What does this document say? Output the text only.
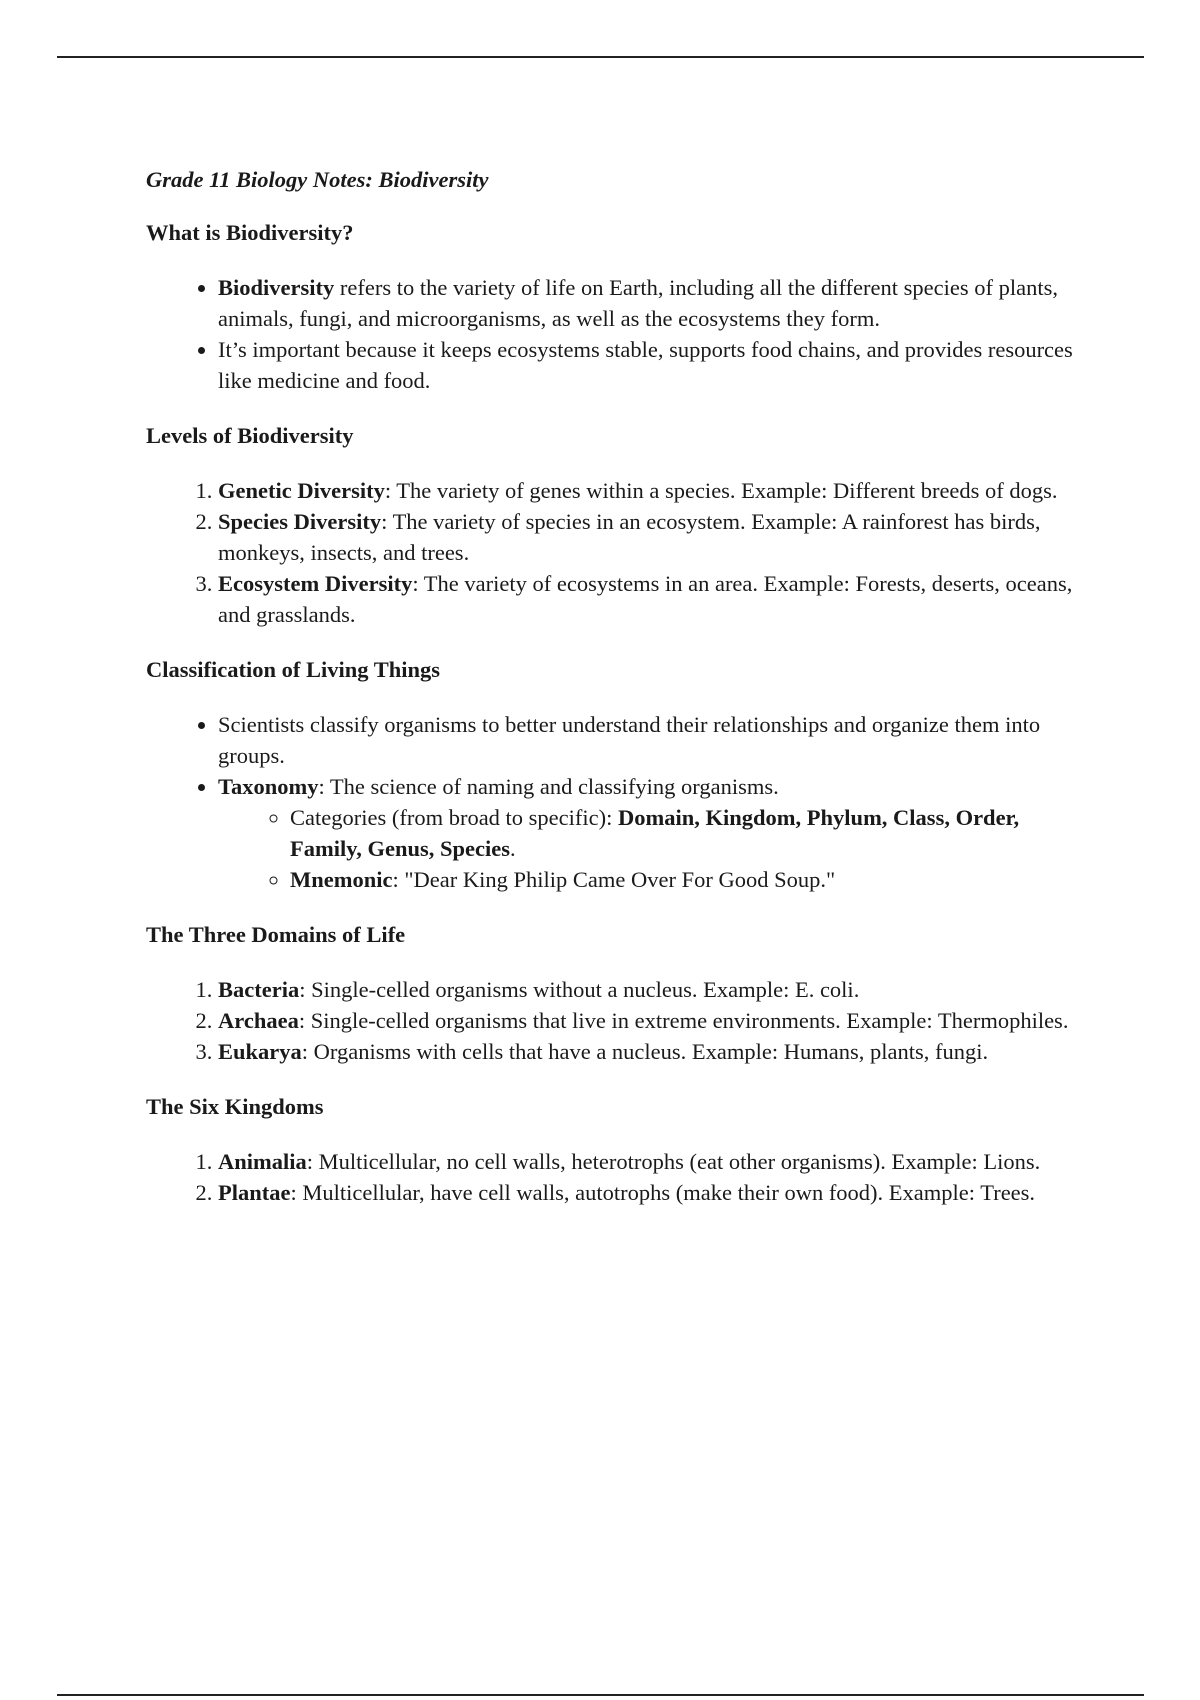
Grade 11 Biology Notes: Biodiversity
What is Biodiversity?
• Biodiversity refers to the variety of life on Earth, including all the different species of plants, animals, fungi, and microorganisms, as well as the ecosystems they form.
• It’s important because it keeps ecosystems stable, supports food chains, and provides resources like medicine and food.
Levels of Biodiversity
1. Genetic Diversity: The variety of genes within a species. Example: Different breeds of dogs.
2. Species Diversity: The variety of species in an ecosystem. Example: A rainforest has birds, monkeys, insects, and trees.
3. Ecosystem Diversity: The variety of ecosystems in an area. Example: Forests, deserts, oceans, and grasslands.
Classification of Living Things
• Scientists classify organisms to better understand their relationships and organize them into groups.
• Taxonomy: The science of naming and classifying organisms.
◦ Categories (from broad to specific): Domain, Kingdom, Phylum, Class, Order, Family, Genus, Species.
◦ Mnemonic: "Dear King Philip Came Over For Good Soup."
The Three Domains of Life
1. Bacteria: Single-celled organisms without a nucleus. Example: E. coli.
2. Archaea: Single-celled organisms that live in extreme environments. Example: Thermophiles.
3. Eukarya: Organisms with cells that have a nucleus. Example: Humans, plants, fungi.
The Six Kingdoms
1. Animalia: Multicellular, no cell walls, heterotrophs (eat other organisms). Example: Lions.
2. Plantae: Multicellular, have cell walls, autotrophs (make their own food). Example: Trees.
